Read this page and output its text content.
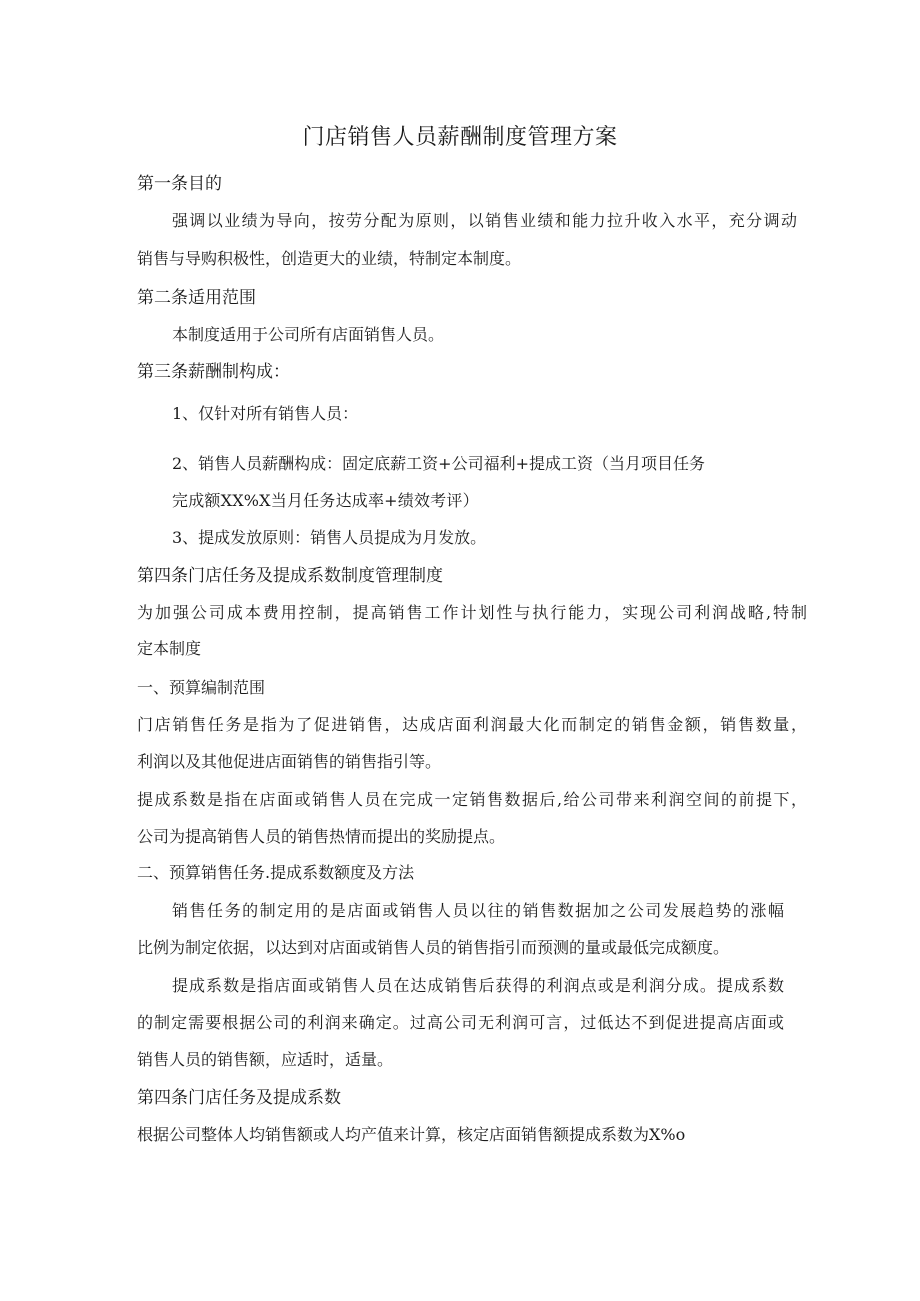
门店销售人员薪酬制度管理方案
第一条目的
强调以业绩为导向，按劳分配为原则，以销售业绩和能力拉升收入水平，充分调动
销售与导购积极性，创造更大的业绩，特制定本制度。
第二条适用范围
本制度适用于公司所有店面销售人员。
第三条薪酬制构成：
1、仅针对所有销售人员：
2、销售人员薪酬构成：固定底薪工资+公司福利+提成工资（当月项目任务
完成额XX%X当月任务达成率+绩效考评）
3、提成发放原则：销售人员提成为月发放。
第四条门店任务及提成系数制度管理制度
为加强公司成本费用控制，提高销售工作计划性与执行能力，实现公司利润战略,特制
定本制度
一、预算编制范围
门店销售任务是指为了促进销售，达成店面利润最大化而制定的销售金额，销售数量，
利润以及其他促进店面销售的销售指引等。
提成系数是指在店面或销售人员在完成一定销售数据后,给公司带来利润空间的前提下，
公司为提高销售人员的销售热情而提出的奖励提点。
二、预算销售任务.提成系数额度及方法
销售任务的制定用的是店面或销售人员以往的销售数据加之公司发展趋势的涨幅
比例为制定依据，以达到对店面或销售人员的销售指引而预测的量或最低完成额度。
提成系数是指店面或销售人员在达成销售后获得的利润点或是利润分成。提成系数
的制定需要根据公司的利润来确定。过高公司无利润可言，过低达不到促进提高店面或
销售人员的销售额，应适时，适量。
第四条门店任务及提成系数
根据公司整体人均销售额或人均产值来计算，核定店面销售额提成系数为X%o
